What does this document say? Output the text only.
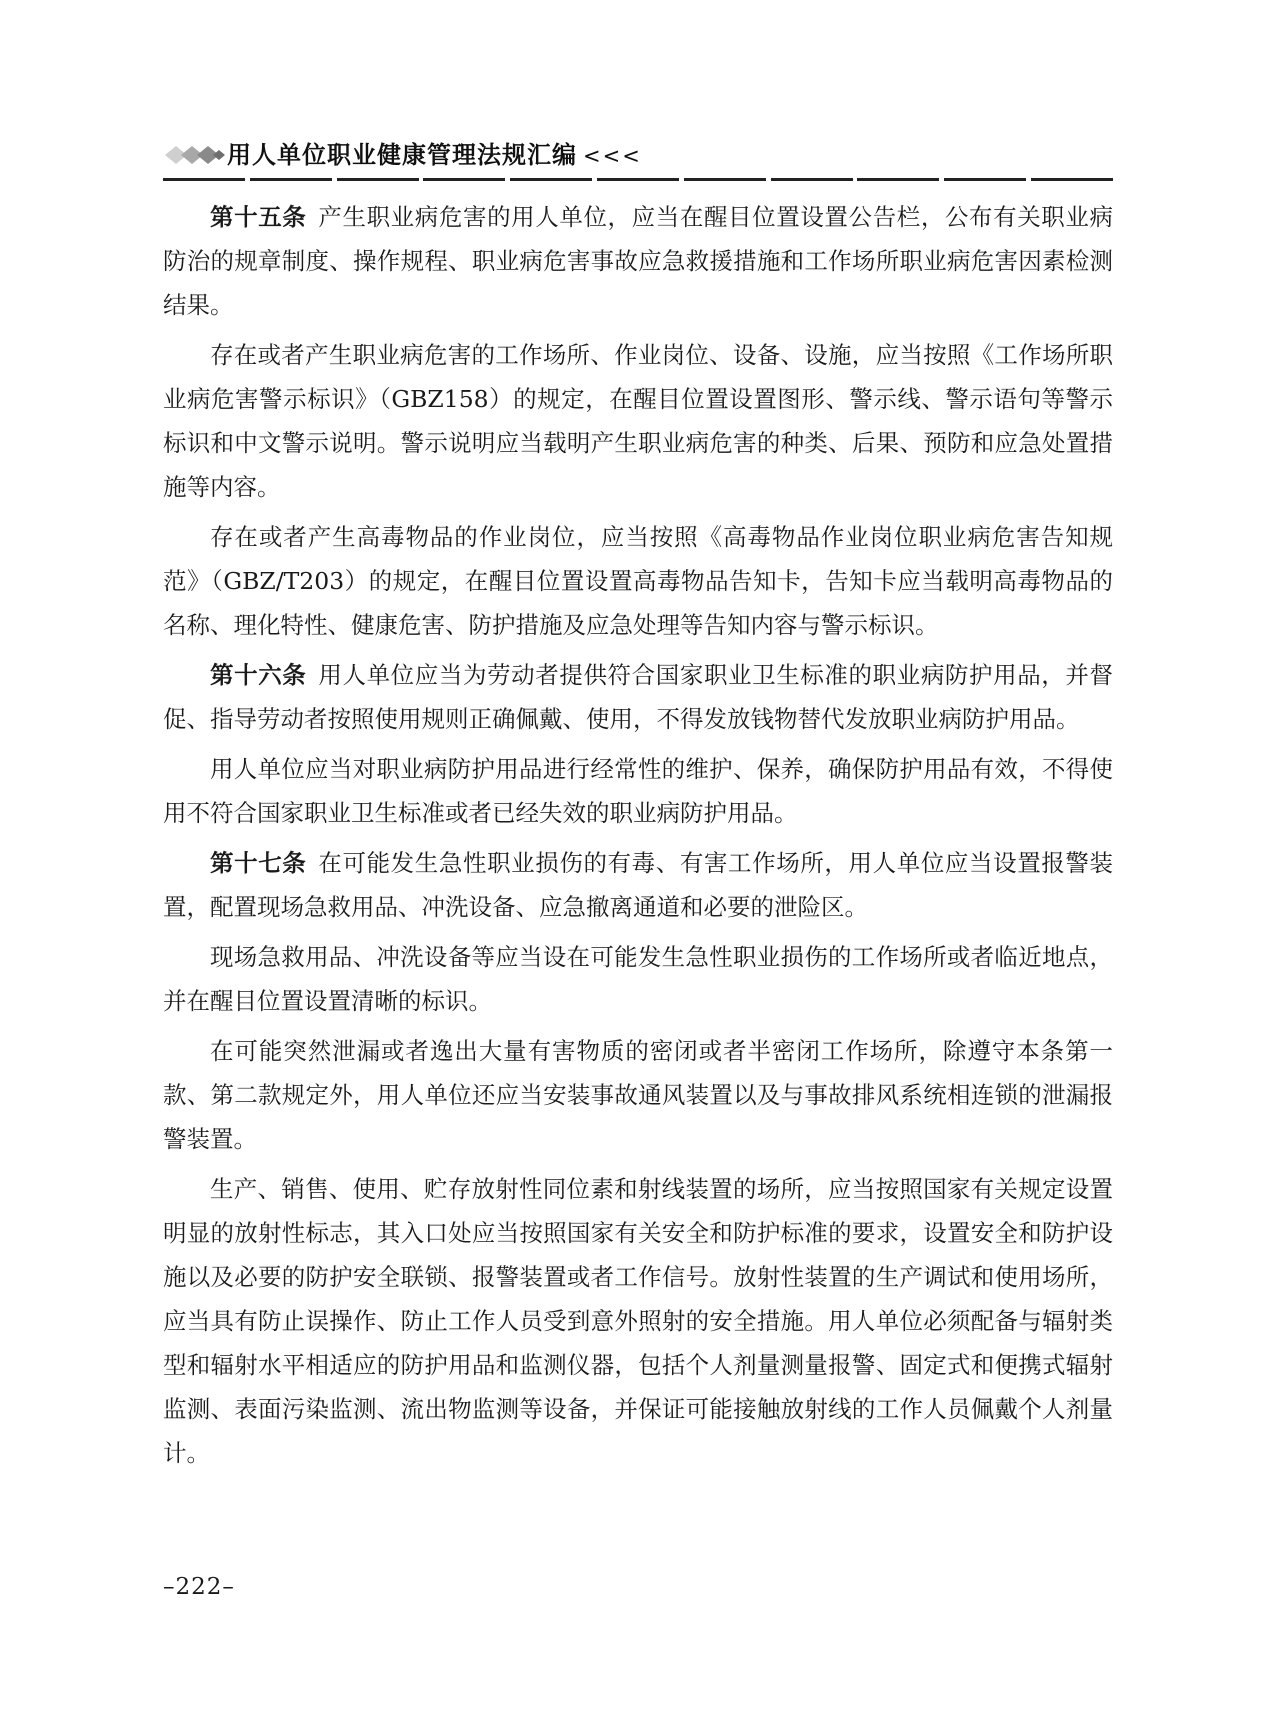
用人单位职业健康管理法规汇编 <<<

第十五条 产生职业病危害的用人单位，应当在醒目位置设置公告栏，公布有关职业病防治的规章制度、操作规程、职业病危害事故应急救援措施和工作场所职业病危害因素检测结果。

存在或者产生职业病危害的工作场所、作业岗位、设备、设施，应当按照《工作场所职业病危害警示标识》（GBZ158）的规定，在醒目位置设置图形、警示线、警示语句等警示标识和中文警示说明。警示说明应当载明产生职业病危害的种类、后果、预防和应急处置措施等内容。

存在或者产生高毒物品的作业岗位，应当按照《高毒物品作业岗位职业病危害告知规范》（GBZ/T203）的规定，在醒目位置设置高毒物品告知卡，告知卡应当载明高毒物品的名称、理化特性、健康危害、防护措施及应急处理等告知内容与警示标识。

第十六条 用人单位应当为劳动者提供符合国家职业卫生标准的职业病防护用品，并督促、指导劳动者按照使用规则正确佩戴、使用，不得发放钱物替代发放职业病防护用品。

用人单位应当对职业病防护用品进行经常性的维护、保养，确保防护用品有效，不得使用不符合国家职业卫生标准或者已经失效的职业病防护用品。

第十七条 在可能发生急性职业损伤的有毒、有害工作场所，用人单位应当设置报警装置，配置现场急救用品、冲洗设备、应急撤离通道和必要的泄险区。

现场急救用品、冲洗设备等应当设在可能发生急性职业损伤的工作场所或者临近地点，并在醒目位置设置清晰的标识。

在可能突然泄漏或者逸出大量有害物质的密闭或者半密闭工作场所，除遵守本条第一款、第二款规定外，用人单位还应当安装事故通风装置以及与事故排风系统相连锁的泄漏报警装置。

生产、销售、使用、贮存放射性同位素和射线装置的场所，应当按照国家有关规定设置明显的放射性标志，其入口处应当按照国家有关安全和防护标准的要求，设置安全和防护设施以及必要的防护安全联锁、报警装置或者工作信号。放射性装置的生产调试和使用场所，应当具有防止误操作、防止工作人员受到意外照射的安全措施。用人单位必须配备与辐射类型和辐射水平相适应的防护用品和监测仪器，包括个人剂量测量报警、固定式和便携式辐射监测、表面污染监测、流出物监测等设备，并保证可能接触放射线的工作人员佩戴个人剂量计。

–222–
